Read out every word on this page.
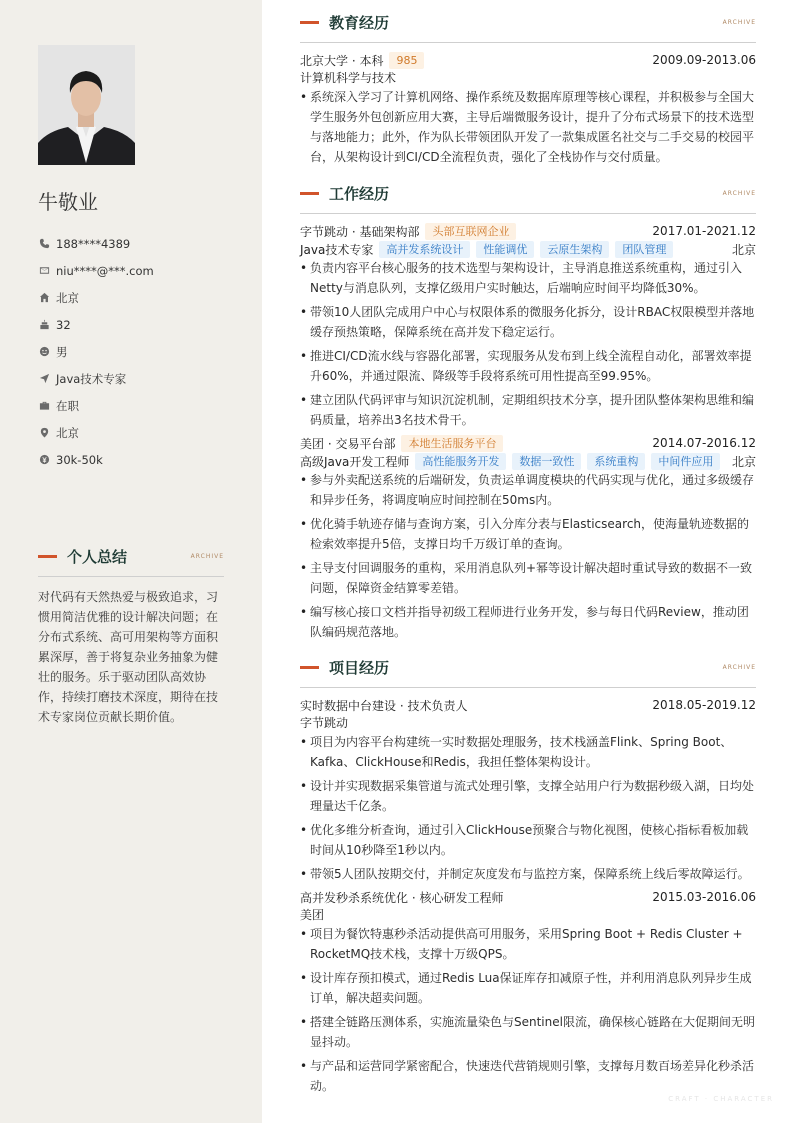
牛敬业
188****4389
niu****@***.com
北京
32
男
Java技术专家
在职
北京
30k-50k
个人总结	ARCHIVE
对代码有天然热爱与极致追求，习惯用简洁优雅的设计解决问题；在分布式系统、高可用架构等方面积累深厚，善于将复杂业务抽象为健壮的服务。乐于驱动团队高效协作，持续打磨技术深度，期待在技术专家岗位贡献长期价值。
教育经历	ARCHIVE
北京大学 · 本科	985	2009.09-2013.06
计算机科学与技术
• 系统深入学习了计算机网络、操作系统及数据库原理等核心课程，并积极参与全国大学生服务外包创新应用大赛，主导后端微服务设计，提升了分布式场景下的技术选型与落地能力；此外，作为队长带领团队开发了一款集成匿名社交与二手交易的校园平台，从架构设计到CI/CD全流程负责，强化了全栈协作与交付质量。
工作经历	ARCHIVE
字节跳动 · 基础架构部	头部互联网企业	2017.01-2021.12
Java技术专家	高并发系统设计	性能调优	云原生架构	团队管理	北京
• 负责内容平台核心服务的技术选型与架构设计，主导消息推送系统重构，通过引入Netty与消息队列，支撑亿级用户实时触达，后端响应时间平均降低30%。
• 带领10人团队完成用户中心与权限体系的微服务化拆分，设计RBAC权限模型并落地缓存预热策略，保障系统在高并发下稳定运行。
• 推进CI/CD流水线与容器化部署，实现服务从发布到上线全流程自动化，部署效率提升60%，并通过限流、降级等手段将系统可用性提高至99.95%。
• 建立团队代码评审与知识沉淀机制，定期组织技术分享，提升团队整体架构思维和编码质量，培养出3名技术骨干。
美团 · 交易平台部	本地生活服务平台	2014.07-2016.12
高级Java开发工程师	高性能服务开发	数据一致性	系统重构	中间件应用	北京
• 参与外卖配送系统的后端研发，负责运单调度模块的代码实现与优化，通过多级缓存和异步任务，将调度响应时间控制在50ms内。
• 优化骑手轨迹存储与查询方案，引入分库分表与Elasticsearch，使海量轨迹数据的检索效率提升5倍，支撑日均千万级订单的查询。
• 主导支付回调服务的重构，采用消息队列+幂等设计解决超时重试导致的数据不一致问题，保障资金结算零差错。
• 编写核心接口文档并指导初级工程师进行业务开发，参与每日代码Review，推动团队编码规范落地。
项目经历	ARCHIVE
实时数据中台建设 · 技术负责人	2018.05-2019.12
字节跳动
• 项目为内容平台构建统一实时数据处理服务，技术栈涵盖Flink、Spring Boot、Kafka、ClickHouse和Redis，我担任整体架构设计。
• 设计并实现数据采集管道与流式处理引擎，支撑全站用户行为数据秒级入湖，日均处理量达千亿条。
• 优化多维分析查询，通过引入ClickHouse预聚合与物化视图，使核心指标看板加载时间从10秒降至1秒以内。
• 带领5人团队按期交付，并制定灰度发布与监控方案，保障系统上线后零故障运行。
高并发秒杀系统优化 · 核心研发工程师	2015.03-2016.06
美团
• 项目为餐饮特惠秒杀活动提供高可用服务，采用Spring Boot + Redis Cluster + RocketMQ技术栈，支撑十万级QPS。
• 设计库存预扣模式，通过Redis Lua保证库存扣减原子性，并利用消息队列异步生成订单，解决超卖问题。
• 搭建全链路压测体系，实施流量染色与Sentinel限流，确保核心链路在大促期间无明显抖动。
• 与产品和运营同学紧密配合，快速迭代营销规则引擎，支撑每月数百场差异化秒杀活动。
CRAFT · CHARACTER
